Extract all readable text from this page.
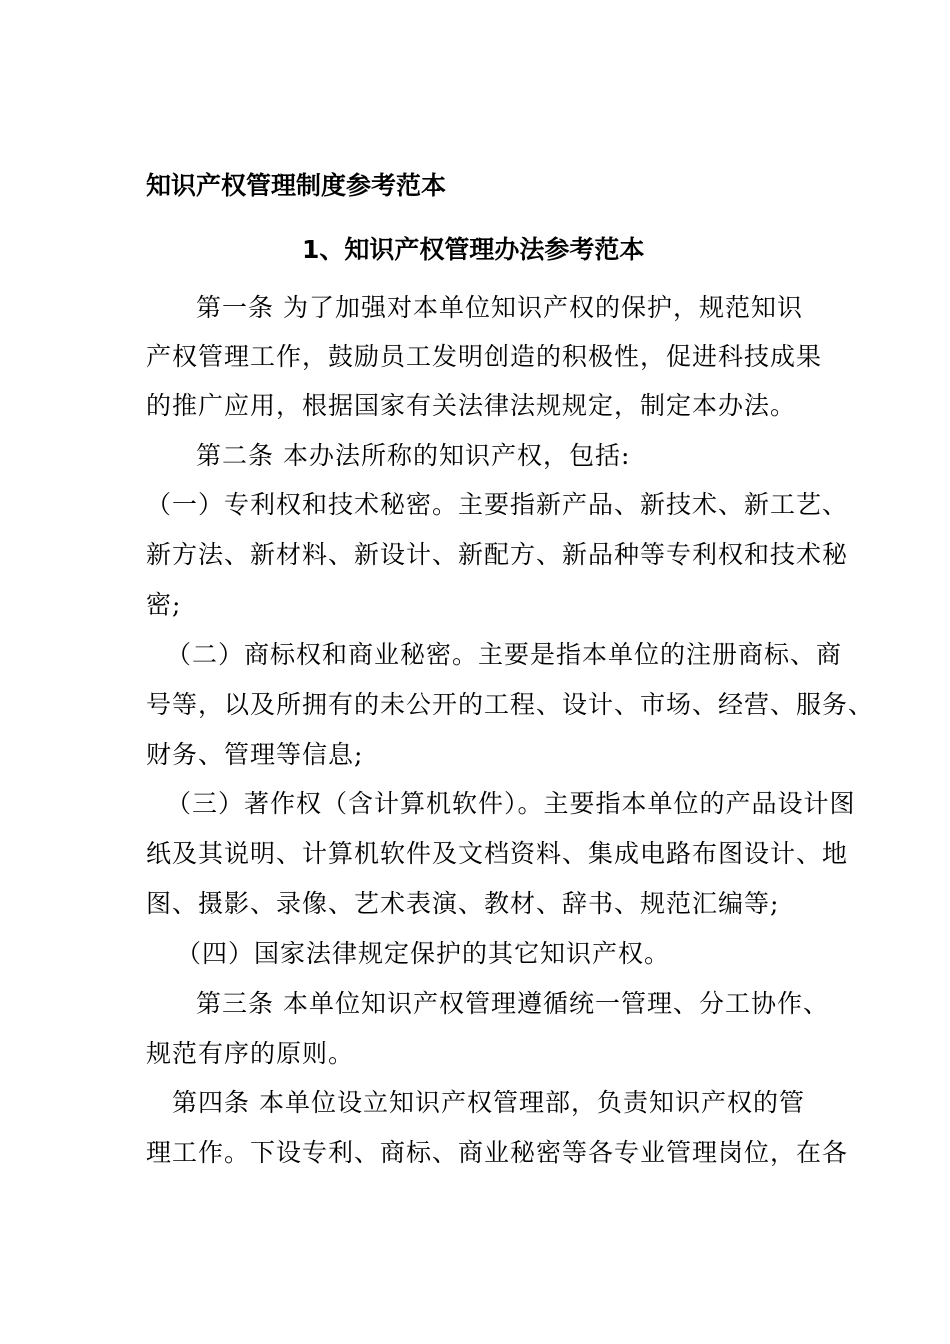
知识产权管理制度参考范本
1、知识产权管理办法参考范本
第一条 为了加强对本单位知识产权的保护，规范知识
产权管理工作，鼓励员工发明创造的积极性，促进科技成果
的推广应用，根据国家有关法律法规规定，制定本办法。
第二条 本办法所称的知识产权，包括:
（一）专利权和技术秘密。主要指新产品、新技术、新工艺、
新方法、新材料、新设计、新配方、新品种等专利权和技术秘
密;
（二）商标权和商业秘密。主要是指本单位的注册商标、商
号等，以及所拥有的未公开的工程、设计、市场、经营、服务、
财务、管理等信息;
（三）著作权（含计算机软件）。主要指本单位的产品设计图
纸及其说明、计算机软件及文档资料、集成电路布图设计、地
图、摄影、录像、艺术表演、教材、辞书、规范汇编等;
（四）国家法律规定保护的其它知识产权。
第三条 本单位知识产权管理遵循统一管理、分工协作、
规范有序的原则。
第四条 本单位设立知识产权管理部，负责知识产权的管
理工作。下设专利、商标、商业秘密等各专业管理岗位，在各
